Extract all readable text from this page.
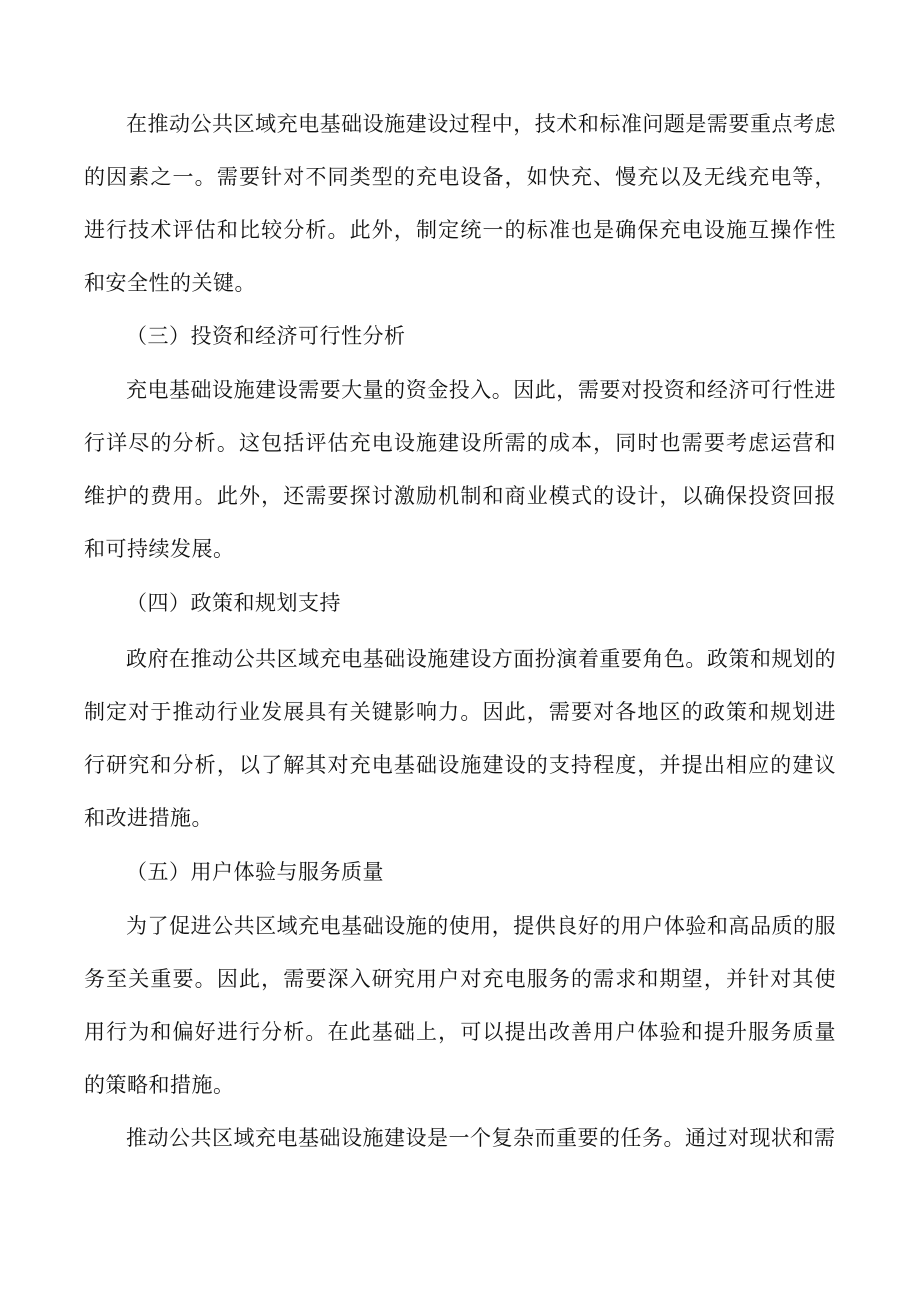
在推动公共区域充电基础设施建设过程中，技术和标准问题是需要重点考虑的因素之一。需要针对不同类型的充电设备，如快充、慢充以及无线充电等，进行技术评估和比较分析。此外，制定统一的标准也是确保充电设施互操作性和安全性的关键。

（三）投资和经济可行性分析

充电基础设施建设需要大量的资金投入。因此，需要对投资和经济可行性进行详尽的分析。这包括评估充电设施建设所需的成本，同时也需要考虑运营和维护的费用。此外，还需要探讨激励机制和商业模式的设计，以确保投资回报和可持续发展。

（四）政策和规划支持

政府在推动公共区域充电基础设施建设方面扮演着重要角色。政策和规划的制定对于推动行业发展具有关键影响力。因此，需要对各地区的政策和规划进行研究和分析，以了解其对充电基础设施建设的支持程度，并提出相应的建议和改进措施。

（五）用户体验与服务质量

为了促进公共区域充电基础设施的使用，提供良好的用户体验和高品质的服务至关重要。因此，需要深入研究用户对充电服务的需求和期望，并针对其使用行为和偏好进行分析。在此基础上，可以提出改善用户体验和提升服务质量的策略和措施。

推动公共区域充电基础设施建设是一个复杂而重要的任务。通过对现状和需
